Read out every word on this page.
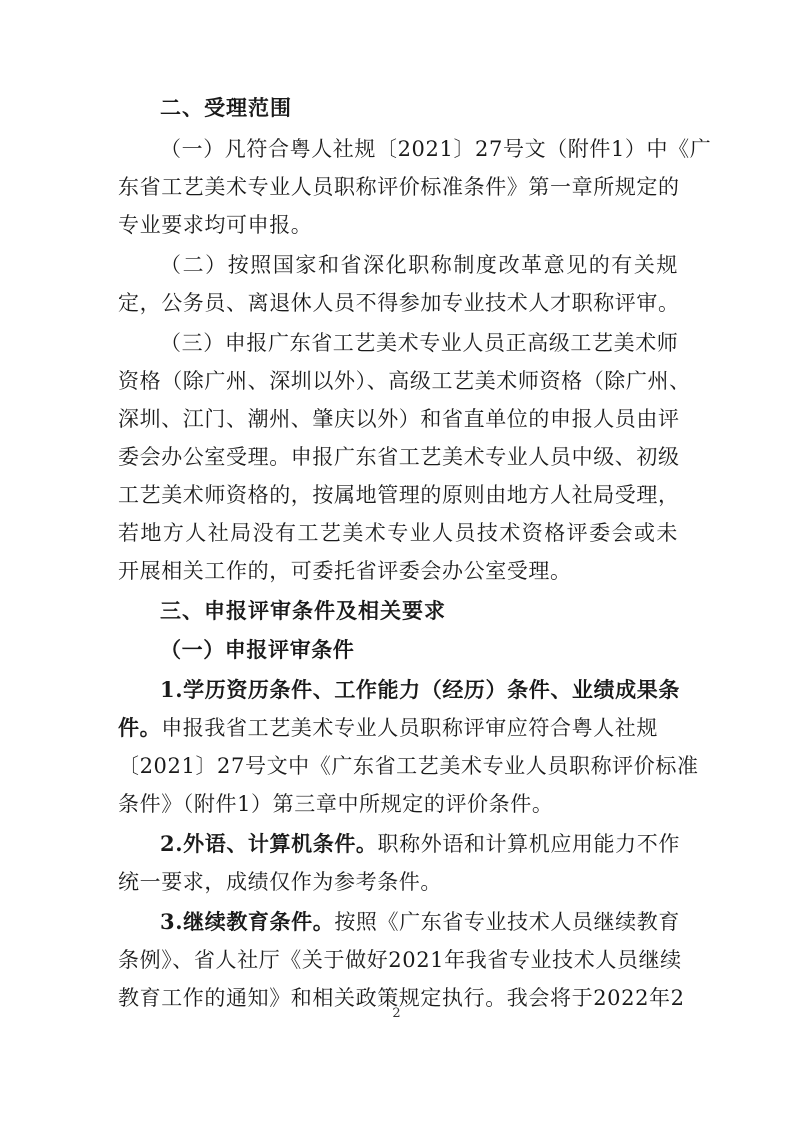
二、受理范围
（一）凡符合粤人社规〔2021〕27号文（附件1）中《广
东省工艺美术专业人员职称评价标准条件》第一章所规定的
专业要求均可申报。
（二）按照国家和省深化职称制度改革意见的有关规
定，公务员、离退休人员不得参加专业技术人才职称评审。
（三）申报广东省工艺美术专业人员正高级工艺美术师
资格（除广州、深圳以外）、高级工艺美术师资格（除广州、
深圳、江门、潮州、肇庆以外）和省直单位的申报人员由评
委会办公室受理。申报广东省工艺美术专业人员中级、初级
工艺美术师资格的，按属地管理的原则由地方人社局受理，
若地方人社局没有工艺美术专业人员技术资格评委会或未
开展相关工作的，可委托省评委会办公室受理。
三、申报评审条件及相关要求
（一）申报评审条件
1.学历资历条件、工作能力（经历）条件、业绩成果条
件。申报我省工艺美术专业人员职称评审应符合粤人社规
〔2021〕27号文中《广东省工艺美术专业人员职称评价标准
条件》（附件1）第三章中所规定的评价条件。
2.外语、计算机条件。职称外语和计算机应用能力不作
统一要求，成绩仅作为参考条件。
3.继续教育条件。按照《广东省专业技术人员继续教育
条例》、省人社厅《关于做好2021年我省专业技术人员继续
教育工作的通知》和相关政策规定执行。我会将于2022年2
2
